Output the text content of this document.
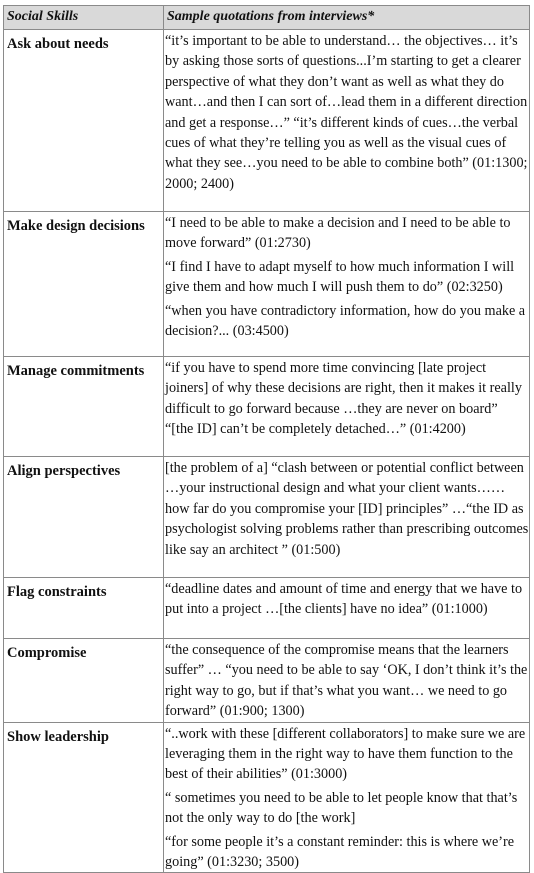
Social Skills	Sample quotations from interviews*
Ask about needs	“it’s important to be able to understand… the objectives… it’s by asking those sorts of questions...I’m starting to get a clearer perspective of what they don’t want as well as what they do want…and then I can sort of…lead them in a different direction and get a response…” “it’s different kinds of cues…the verbal cues of what they’re telling you as well as the visual cues of what they see…you need to be able to combine both” (01:1300; 2000; 2400)

Make design decisions	“I need to be able to make a decision and I need to be able to move forward” (01:2730)

“I find I have to adapt myself to how much information I will give them and how much I will push them to do” (02:3250)

“when you have contradictory information, how do you make a decision?... (03:4500)

Manage commitments	“if you have to spend more time convincing [late project joiners] of why these decisions are right, then it makes it really difficult to go forward because …they are never on board” “[the ID] can’t be completely detached…” (01:4200)

Align perspectives	[the problem of a] “clash between or potential conflict between …your instructional design and what your client wants……how far do you compromise your [ID] principles” …“the ID as psychologist solving problems rather than prescribing outcomes like say an architect ” (01:500)

Flag constraints	“deadline dates and amount of time and energy that we have to put into a project …[the clients] have no idea” (01:1000)

Compromise	“the consequence of the compromise means that the learners suffer” … “you need to be able to say ‘OK, I don’t think it’s the right way to go, but if that’s what you want… we need to go forward” (01:900; 1300)

Show leadership	“..work with these [different collaborators] to make sure we are leveraging them in the right way to have them function to the best of their abilities” (01:3000)

“ sometimes you need to be able to let people know that that’s not the only way to do [the work]

“for some people it’s a constant reminder: this is where we’re going” (01:3230; 3500)
